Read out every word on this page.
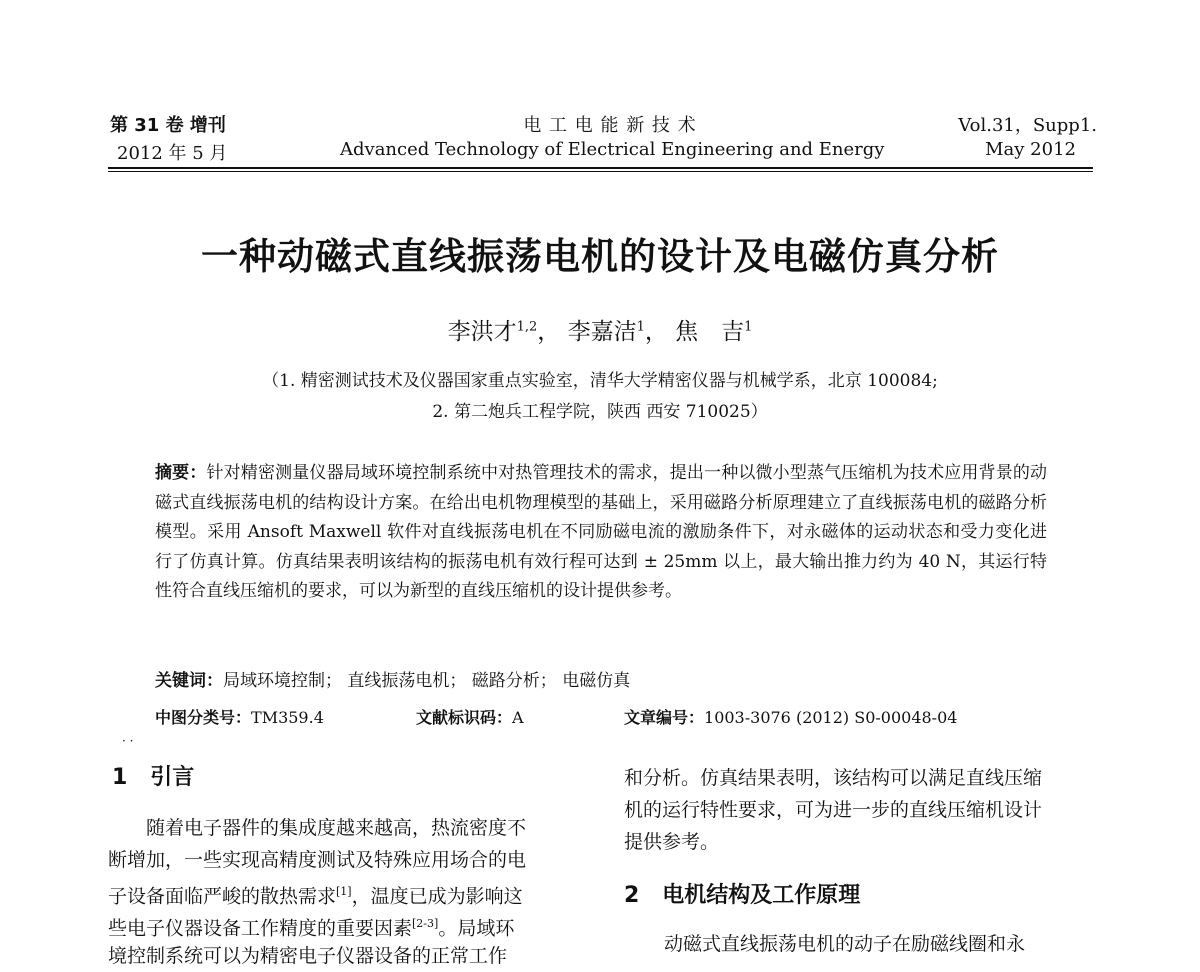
第 31 卷 增刊
2012 年 5 月
电 工 电 能 新 技 术
Advanced Technology of Electrical Engineering and Energy
Vol.31，Supp1.
May 2012
一种动磁式直线振荡电机的设计及电磁仿真分析
李洪才$^{1,2}$， 李嘉洁$^1$， 焦　吉$^1$
（1. 精密测试技术及仪器国家重点实验室，清华大学精密仪器与机械学系，北京 100084;
2. 第二炮兵工程学院，陕西 西安 710025）
摘要：针对精密测量仪器局域环境控制系统中对热管理技术的需求，提出一种以微小型蒸气压缩机为技术应用背景的动磁式直线振荡电机的结构设计方案。在给出电机物理模型的基础上，采用磁路分析原理建立了直线振荡电机的磁路分析模型。采用 Ansoft Maxwell 软件对直线振荡电机在不同励磁电流的激励条件下，对永磁体的运动状态和受力变化进行了仿真计算。仿真结果表明该结构的振荡电机有效行程可达到 ± 25mm 以上，最大输出推力约为 40 N，其运行特性符合直线压缩机的要求，可以为新型的直线压缩机的设计提供参考。
关键词：局域环境控制； 直线振荡电机； 磁路分析； 电磁仿真
中图分类号：TM359.4	文献标识码：A	文章编号：1003-3076 (2012) S0-00048-04
· ·
1 引言
随着电子器件的集成度越来越高，热流密度不
断增加，一些实现高精度测试及特殊应用场合的电
子设备面临严峻的散热需求[1]，温度已成为影响这
些电子仪器设备工作精度的重要因素[2-3]。局域环
境控制系统可以为精密电子仪器设备的正常工作
和分析。仿真结果表明，该结构可以满足直线压缩
机的运行特性要求，可为进一步的直线压缩机设计
提供参考。
2 电机结构及工作原理
动磁式直线振荡电机的动子在励磁线圈和永
